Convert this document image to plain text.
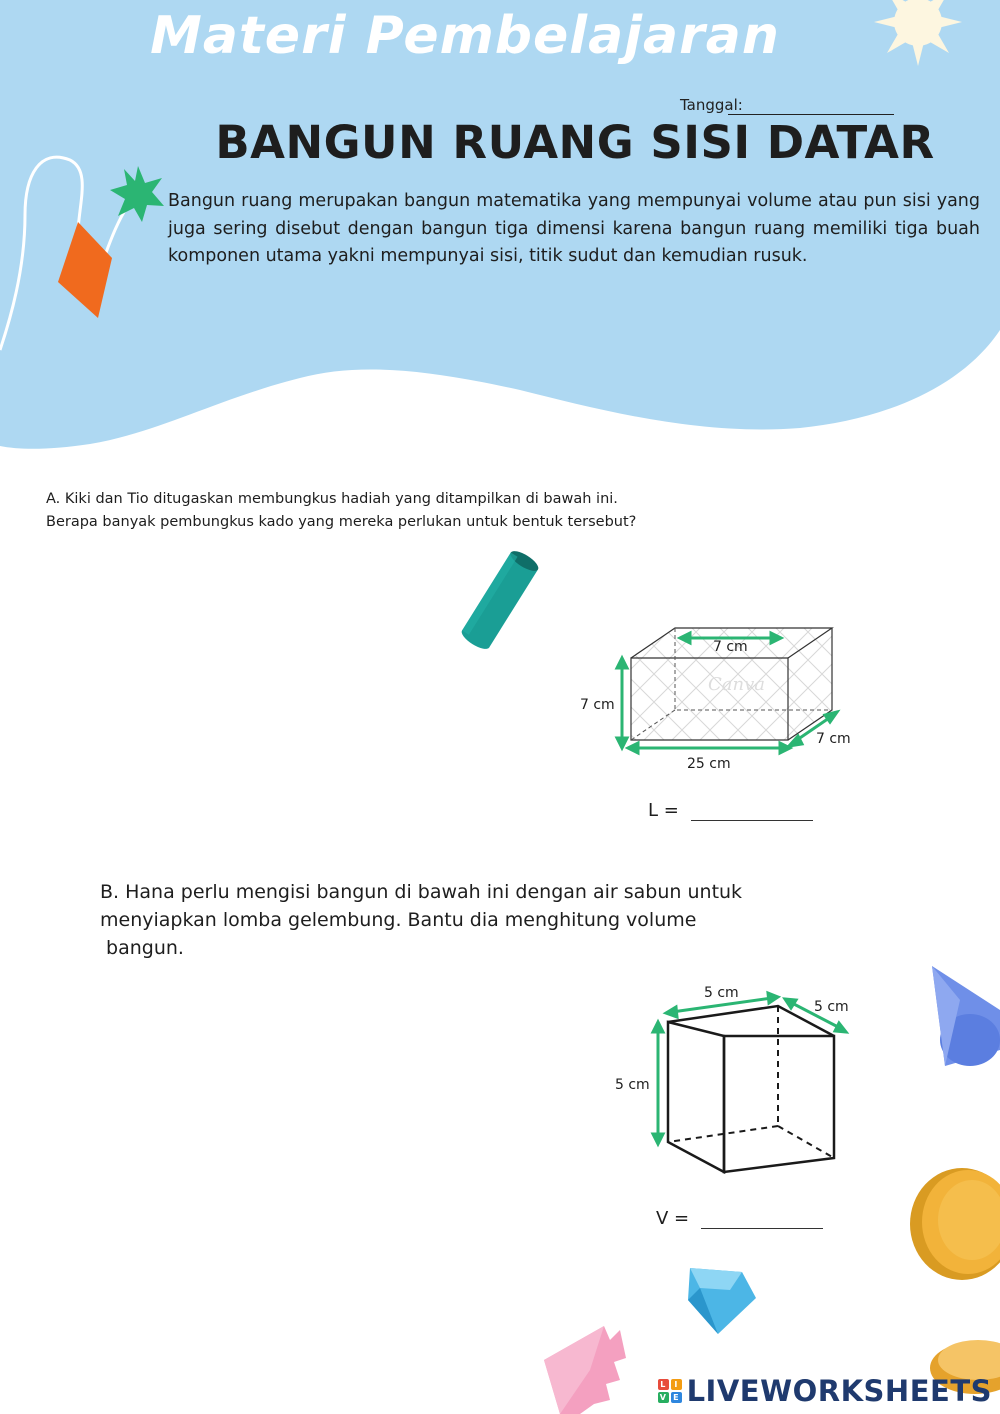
Materi Pembelajaran
Tanggal:
BANGUN RUANG SISI DATAR
Bangun ruang merupakan bangun matematika yang mempunyai volume atau pun sisi yang juga sering disebut dengan bangun tiga dimensi karena bangun ruang memiliki tiga buah komponen utama yakni mempunyai sisi, titik sudut dan kemudian rusuk.
A. Kiki dan Tio ditugaskan membungkus hadiah yang ditampilkan di bawah ini.
Berapa banyak pembungkus kado yang mereka perlukan untuk bentuk tersebut?
Canva
7 cm
7 cm
7 cm
25 cm
L =
B. Hana perlu mengisi bangun di bawah ini dengan air sabun untuk
menyiapkan lomba gelembung. Bantu dia menghitung volume
bangun.
5 cm
5 cm
5 cm
V =
L	I
V E LIVEWORKSHEETS
